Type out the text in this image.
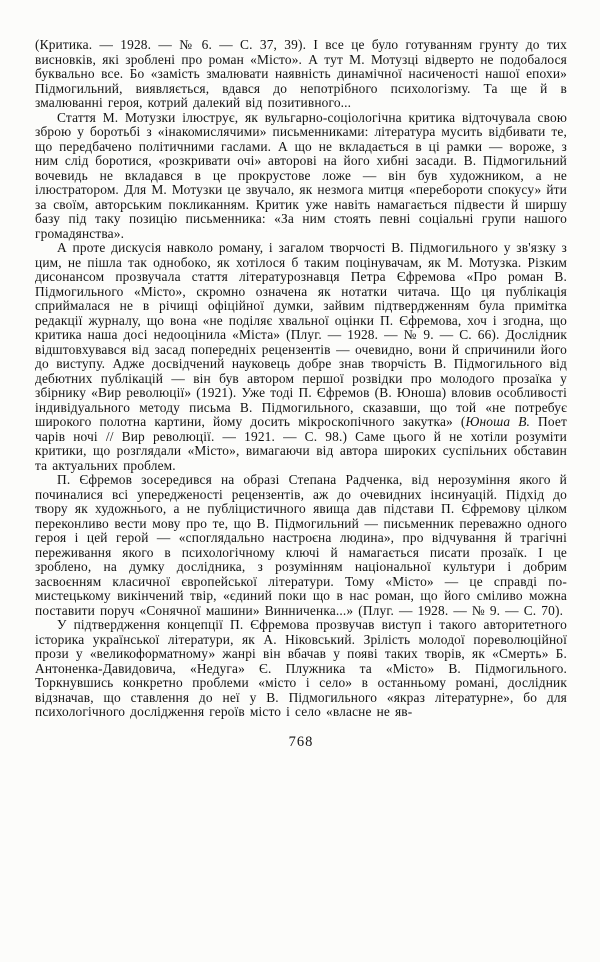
(Критика. — 1928. — № 6. — С. 37, 39). І все це було готуванням грунту до тих висновків, які зроблені про роман «Місто». А тут М. Мотузці відверто не подобалося буквально все. Бо «замість змалювати наявність динамічної насиченості нашої епохи» Підмогильний, виявляється, вдався до непотрібного психологізму. Та ще й в змалюванні героя, котрий далекий від позитивного...

Стаття М. Мотузки ілюструє, як вульгарно-соціологічна критика відточувала свою зброю у боротьбі з «інакомислячими» письменниками: література мусить відбивати те, що передбачено політичними гаслами. А що не вкладається в ці рамки — вороже, з ним слід боротися, «розкривати очі» авторові на його хибні засади. В. Підмогильний вочевидь не вкладався в це прокрустове ложе — він був художником, а не ілюстратором. Для М. Мотузки це звучало, як незмога митця «перебороти спокусу» йти за своїм, авторським покликанням. Критик уже навіть намагається підвести й ширшу базу під таку позицію письменника: «За ним стоять певні соціальні групи нашого громадянства».

А проте дискусія навколо роману, і загалом творчості В. Підмогильного у зв'язку з цим, не пішла так однобоко, як хотілося б таким поцінувачам, як М. Мотузка. Різким дисонансом прозвучала стаття літературознавця Петра Єфремова «Про роман В. Підмогильного «Місто», скромно означена як нотатки читача. Що ця публікація сприймалася не в річищі офіційної думки, зайвим підтвердженням була примітка редакції журналу, що вона «не поділяє хвальної оцінки П. Єфремова, хоч і згодна, що критика наша досі недооцінила «Міста» (Плуг. — 1928. — № 9. — С. 66). Дослідник відштовхувався від засад попередніх рецензентів — очевидно, вони й спричинили його до виступу. Адже досвідчений науковець добре знав творчість В. Підмогильного від дебютних публікацій — він був автором першої розвідки про молодого прозаїка у збірнику «Вир революції» (1921). Уже тоді П. Єфремов (В. Юноша) вловив особливості індивідуального методу письма В. Підмогильного, сказавши, що той «не потребує широкого полотна картини, йому досить мікроскопічного закутка» (Юноша В. Поет чарів ночі // Вир революції. — 1921. — С. 98.) Саме цього й не хотіли розуміти критики, що розглядали «Місто», вимагаючи від автора широких суспільних обставин та актуальних проблем.

П. Єфремов зосередився на образі Степана Радченка, від нерозуміння якого й починалися всі упередженості рецензентів, аж до очевидних інсинуацій. Підхід до твору як художнього, а не публіцистичного явища дав підстави П. Єфремову цілком переконливо вести мову про те, що В. Підмогильний — письменник переважно одного героя і цей герой — «споглядально настроєна людина», про відчування й трагічні переживання якого в психологічному ключі й намагається писати прозаїк. І це зроблено, на думку дослідника, з розумінням національної культури і добрим засвоєнням класичної європейської літератури. Тому «Місто» — це справді по-мистецькому викінчений твір, «єдиний поки що в нас роман, що його сміливо можна поставити поруч «Сонячної машини» Винниченка...» (Плуг. — 1928. — № 9. — С. 70).

У підтвердження концепції П. Єфремова прозвучав виступ і такого авторитетного історика української літератури, як А. Ніковський. Зрілість молодої пореволюційної прози у «великоформатному» жанрі він вбачав у появі таких творів, як «Смерть» Б. Антоненка-Давидовича, «Недуга» Є. Плужника та «Місто» В. Підмогильного. Торкнувшись конкретно проблеми «місто і село» в останньому романі, дослідник відзначав, що ставлення до неї у В. Підмогильного «якраз літературне», бо для психологічного дослідження героїв місто і село «власне не яв-

768
